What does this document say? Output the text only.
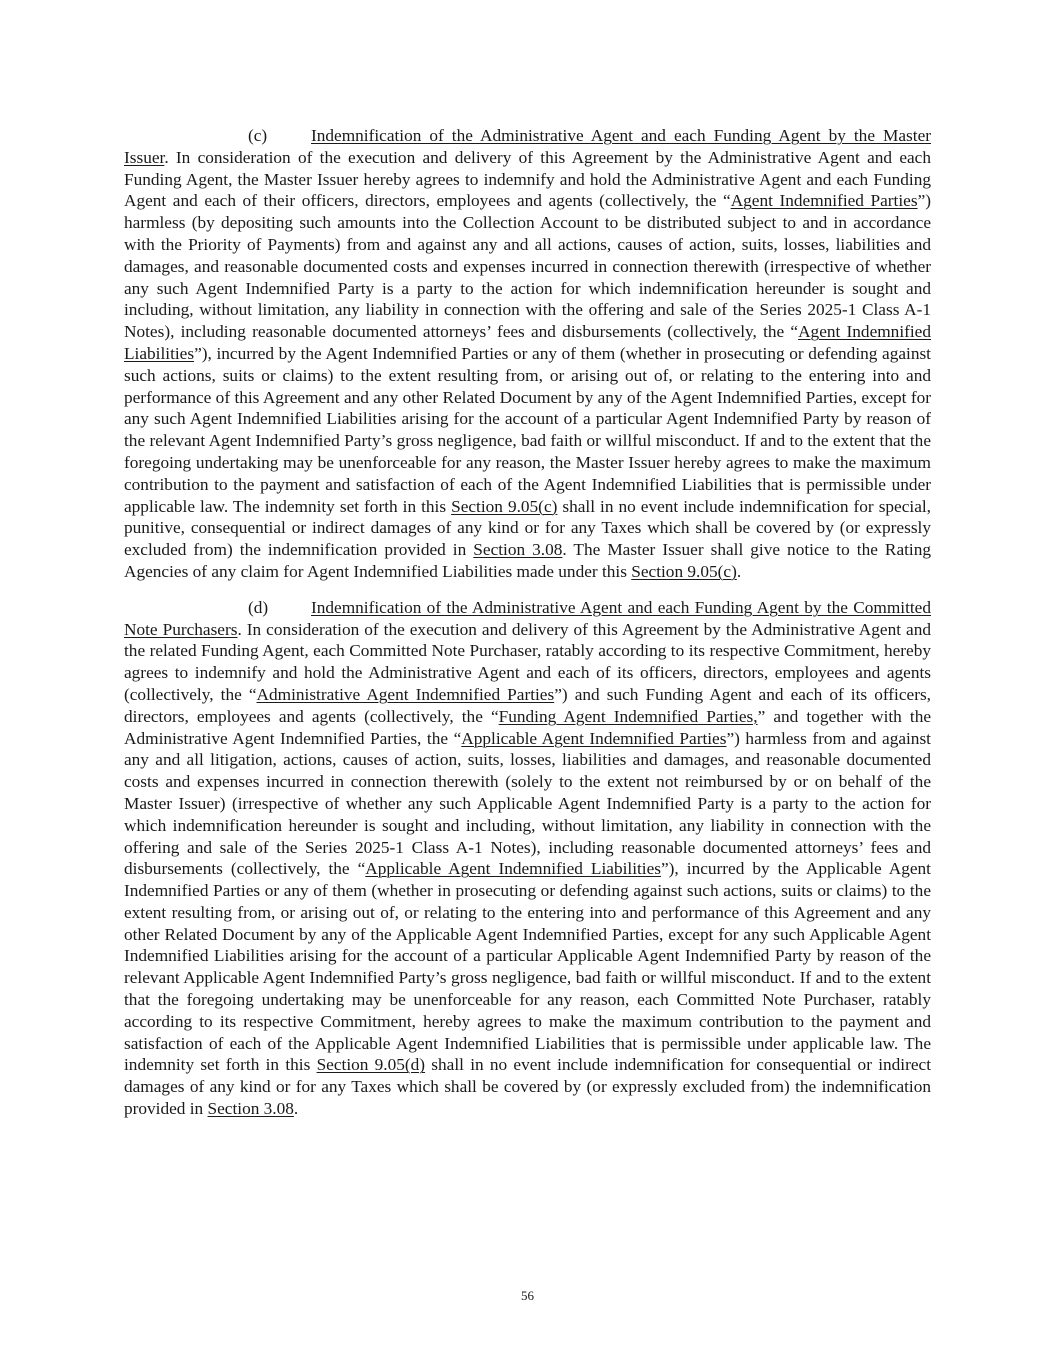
(c)	Indemnification of the Administrative Agent and each Funding Agent by the Master Issuer. In consideration of the execution and delivery of this Agreement by the Administrative Agent and each Funding Agent, the Master Issuer hereby agrees to indemnify and hold the Administrative Agent and each Funding Agent and each of their officers, directors, employees and agents (collectively, the “Agent Indemnified Parties”) harmless (by depositing such amounts into the Collection Account to be distributed subject to and in accordance with the Priority of Payments) from and against any and all actions, causes of action, suits, losses, liabilities and damages, and reasonable documented costs and expenses incurred in connection therewith (irrespective of whether any such Agent Indemnified Party is a party to the action for which indemnification hereunder is sought and including, without limitation, any liability in connection with the offering and sale of the Series 2025-1 Class A-1 Notes), including reasonable documented attorneys’ fees and disbursements (collectively, the “Agent Indemnified Liabilities”), incurred by the Agent Indemnified Parties or any of them (whether in prosecuting or defending against such actions, suits or claims) to the extent resulting from, or arising out of, or relating to the entering into and performance of this Agreement and any other Related Document by any of the Agent Indemnified Parties, except for any such Agent Indemnified Liabilities arising for the account of a particular Agent Indemnified Party by reason of the relevant Agent Indemnified Party’s gross negligence, bad faith or willful misconduct. If and to the extent that the foregoing undertaking may be unenforceable for any reason, the Master Issuer hereby agrees to make the maximum contribution to the payment and satisfaction of each of the Agent Indemnified Liabilities that is permissible under applicable law. The indemnity set forth in this Section 9.05(c) shall in no event include indemnification for special, punitive, consequential or indirect damages of any kind or for any Taxes which shall be covered by (or expressly excluded from) the indemnification provided in Section 3.08. The Master Issuer shall give notice to the Rating Agencies of any claim for Agent Indemnified Liabilities made under this Section 9.05(c).

(d) Indemnification of the Administrative Agent and each Funding Agent by the Committed Note Purchasers. In consideration of the execution and delivery of this Agreement by the Administrative Agent and the related Funding Agent, each Committed Note Purchaser, ratably according to its respective Commitment, hereby agrees to indemnify and hold the Administrative Agent and each of its officers, directors, employees and agents (collectively, the “Administrative Agent Indemnified Parties”) and such Funding Agent and each of its officers, directors, employees and agents (collectively, the “Funding Agent Indemnified Parties,” and together with the Administrative Agent Indemnified Parties, the “Applicable Agent Indemnified Parties”) harmless from and against any and all litigation, actions, causes of action, suits, losses, liabilities and damages, and reasonable documented costs and expenses incurred in connection therewith (solely to the extent not reimbursed by or on behalf of the Master Issuer) (irrespective of whether any such Applicable Agent Indemnified Party is a party to the action for which indemnification hereunder is sought and including, without limitation, any liability in connection with the offering and sale of the Series 2025-1 Class A-1 Notes), including reasonable documented attorneys’ fees and disbursements (collectively, the “Applicable Agent Indemnified Liabilities”), incurred by the Applicable Agent Indemnified Parties or any of them (whether in prosecuting or defending against such actions, suits or claims) to the extent resulting from, or arising out of, or relating to the entering into and performance of this Agreement and any other Related Document by any of the Applicable Agent Indemnified Parties, except for any such Applicable Agent Indemnified Liabilities arising for the account of a particular Applicable Agent Indemnified Party by reason of the relevant Applicable Agent Indemnified Party’s gross negligence, bad faith or willful misconduct. If and to the extent that the foregoing undertaking may be unenforceable for any reason, each Committed Note Purchaser, ratably according to its respective Commitment, hereby agrees to make the maximum contribution to the payment and satisfaction of each of the Applicable Agent Indemnified Liabilities that is permissible under applicable law. The indemnity set forth in this Section 9.05(d) shall in no event include indemnification for consequential or indirect damages of any kind or for any Taxes which shall be covered by (or expressly excluded from) the indemnification provided in Section 3.08.

56
